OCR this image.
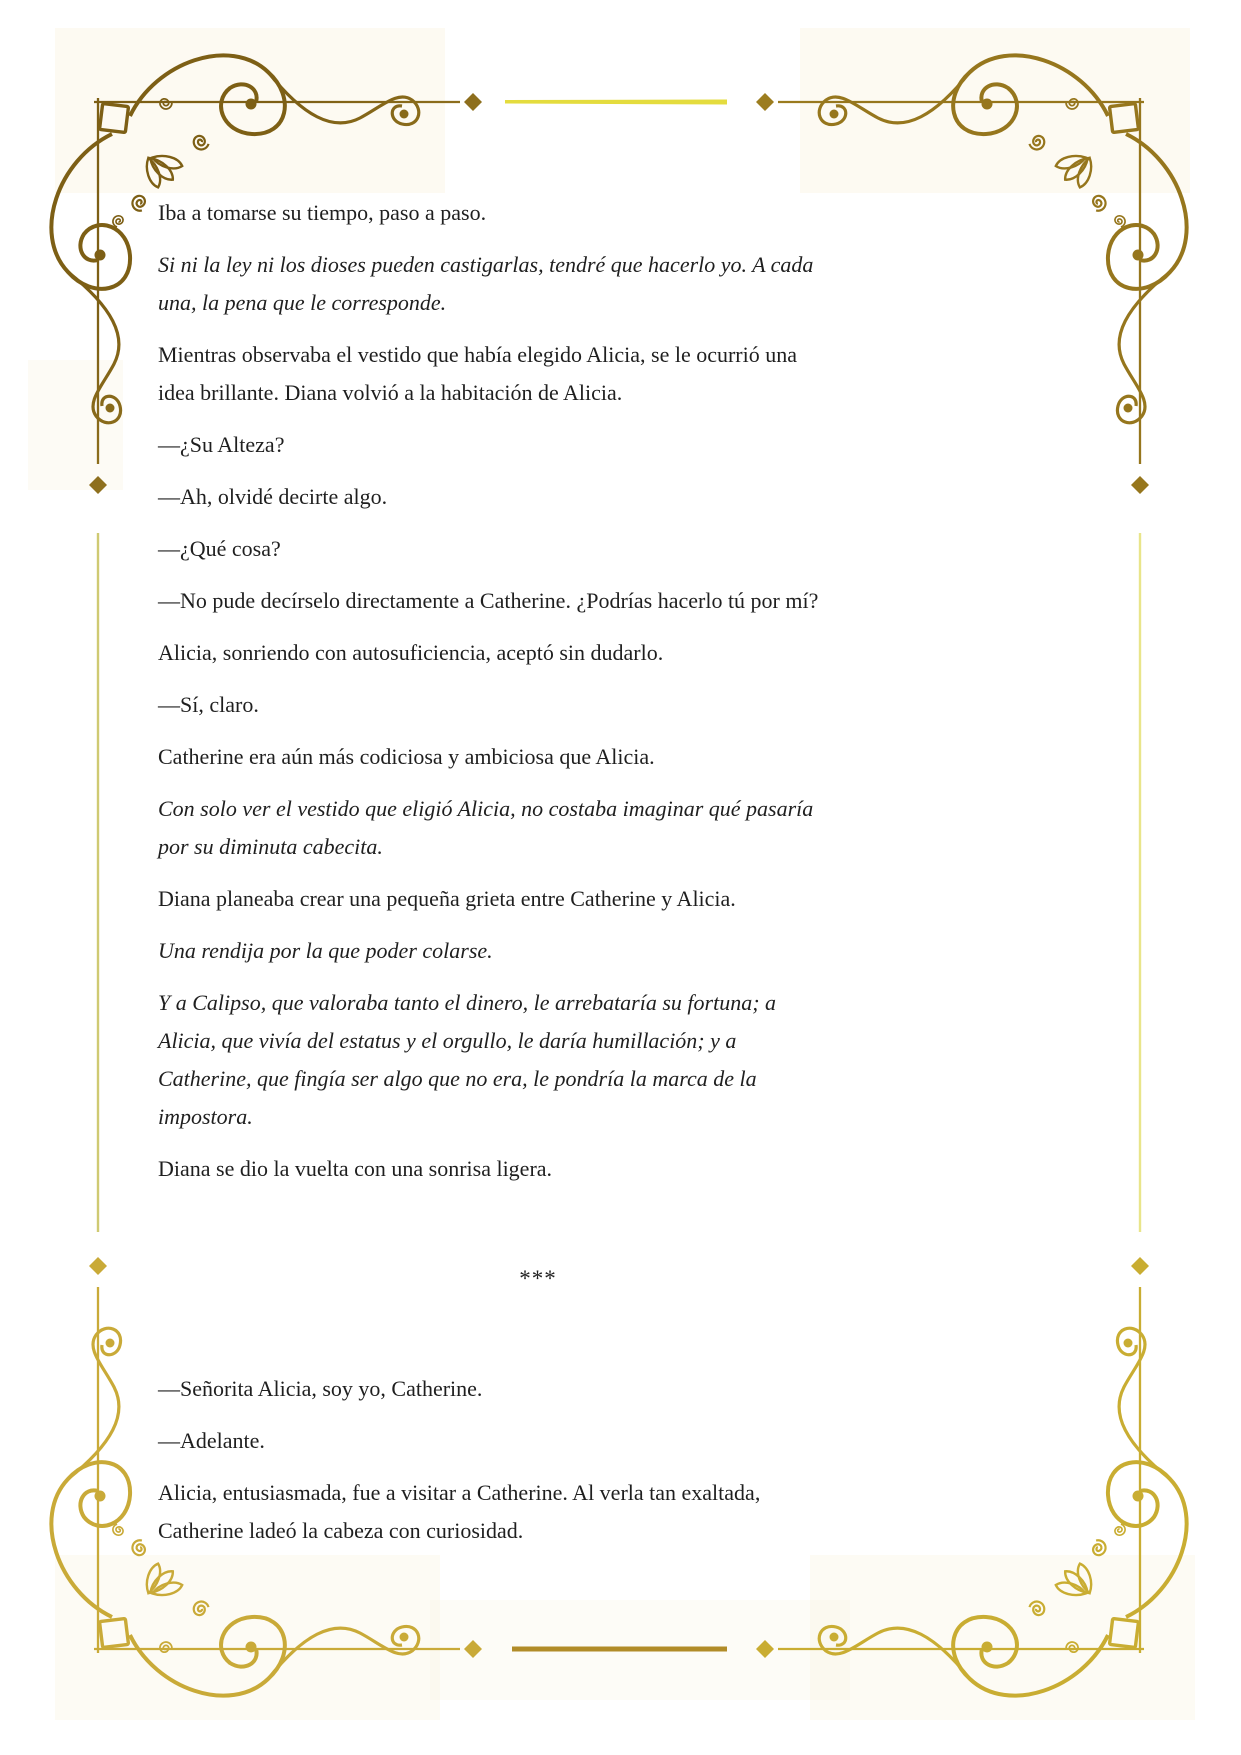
Iba a tomarse su tiempo, paso a paso.

Si ni la ley ni los dioses pueden castigarlas, tendré que hacerlo yo. A cada
una, la pena que le corresponde.

Mientras observaba el vestido que había elegido Alicia, se le ocurrió una
idea brillante. Diana volvió a la habitación de Alicia.

—¿Su Alteza?

—Ah, olvidé decirte algo.

—¿Qué cosa?

—No pude decírselo directamente a Catherine. ¿Podrías hacerlo tú por mí?

Alicia, sonriendo con autosuficiencia, aceptó sin dudarlo.

—Sí, claro.

Catherine era aún más codiciosa y ambiciosa que Alicia.

Con solo ver el vestido que eligió Alicia, no costaba imaginar qué pasaría
por su diminuta cabecita.

Diana planeaba crear una pequeña grieta entre Catherine y Alicia.

Una rendija por la que poder colarse.

Y a Calipso, que valoraba tanto el dinero, le arrebataría su fortuna; a
Alicia, que vivía del estatus y el orgullo, le daría humillación; y a
Catherine, que fingía ser algo que no era, le pondría la marca de la
impostora.

Diana se dio la vuelta con una sonrisa ligera.

***

—Señorita Alicia, soy yo, Catherine.

—Adelante.

Alicia, entusiasmada, fue a visitar a Catherine. Al verla tan exaltada,
Catherine ladeó la cabeza con curiosidad.
